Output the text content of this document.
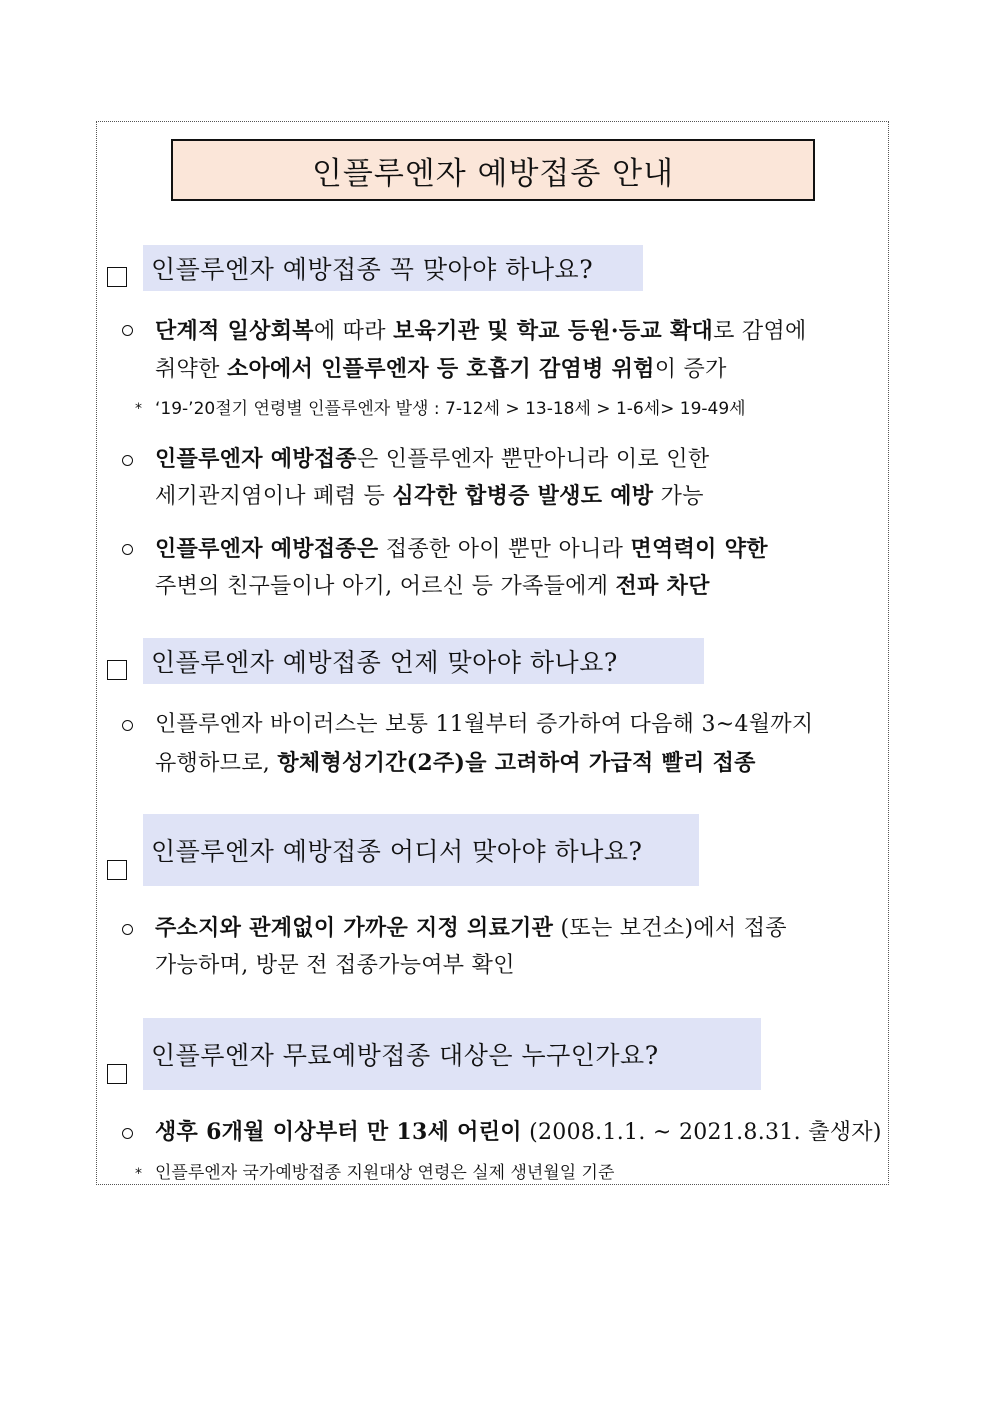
인플루엔자 예방접종 안내
인플루엔자 예방접종 꼭 맞아야 하나요?
단계적 일상회복에 따라 보육기관 및 학교 등원·등교 확대로 감염에
취약한 소아에서 인플루엔자 등 호흡기 감염병 위험이 증가
* ‘19-’20절기 연령별 인플루엔자 발생 : 7-12세 > 13-18세 > 1-6세> 19-49세
인플루엔자 예방접종은 인플루엔자 뿐만아니라 이로 인한
세기관지염이나 폐렴 등 심각한 합병증 발생도 예방 가능
인플루엔자 예방접종은 접종한 아이 뿐만 아니라 면역력이 약한
주변의 친구들이나 아기, 어르신 등 가족들에게 전파 차단
인플루엔자 예방접종 언제 맞아야 하나요?
인플루엔자 바이러스는 보통 11월부터 증가하여 다음해 3~4월까지
유행하므로, 항체형성기간(2주)을 고려하여 가급적 빨리 접종
인플루엔자 예방접종 어디서 맞아야 하나요?
주소지와 관계없이 가까운 지정 의료기관 (또는 보건소)에서 접종
가능하며, 방문 전 접종가능여부 확인
인플루엔자 무료예방접종 대상은 누구인가요?
생후 6개월 이상부터 만 13세 어린이 (2008.1.1. ~ 2021.8.31. 출생자)
* 인플루엔자 국가예방접종 지원대상 연령은 실제 생년월일 기준
